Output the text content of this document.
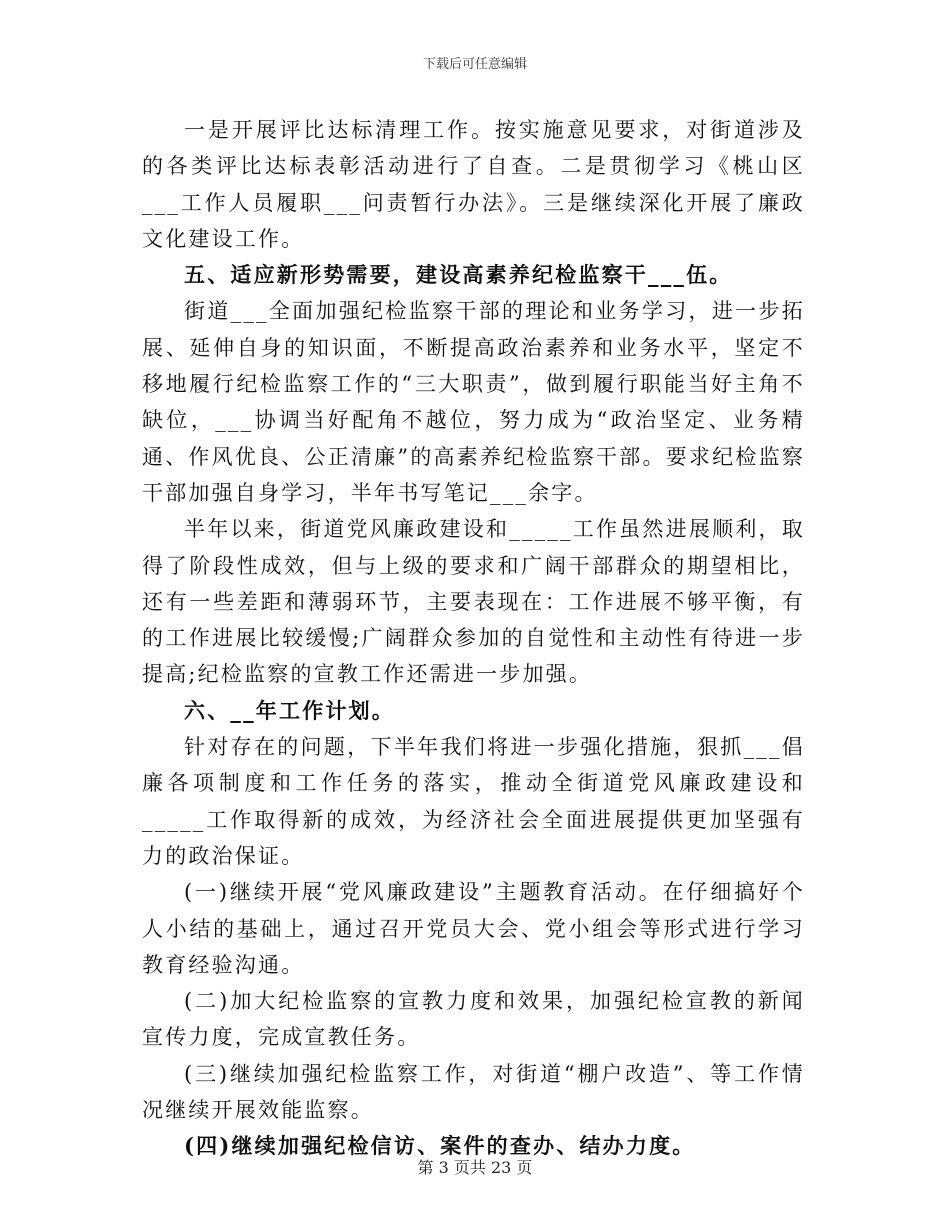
下载后可任意编辑

一是开展评比达标清理工作。按实施意见要求，对街道涉及的各类评比达标表彰活动进行了自查。二是贯彻学习《桃山区___工作人员履职___问责暂行办法》。三是继续深化开展了廉政文化建设工作。

五、适应新形势需要，建设高素养纪检监察干___伍。

街道___全面加强纪检监察干部的理论和业务学习，进一步拓展、延伸自身的知识面，不断提高政治素养和业务水平，坚定不移地履行纪检监察工作的“三大职责”，做到履行职能当好主角不缺位，___协调当好配角不越位，努力成为“政治坚定、业务精通、作风优良、公正清廉”的高素养纪检监察干部。要求纪检监察干部加强自身学习，半年书写笔记___余字。

半年以来，街道党风廉政建设和_____工作虽然进展顺利，取得了阶段性成效，但与上级的要求和广阔干部群众的期望相比，还有一些差距和薄弱环节，主要表现在：工作进展不够平衡，有的工作进展比较缓慢;广阔群众参加的自觉性和主动性有待进一步提高;纪检监察的宣教工作还需进一步加强。

六、__年工作计划。

针对存在的问题，下半年我们将进一步强化措施，狠抓___倡廉各项制度和工作任务的落实，推动全街道党风廉政建设和_____工作取得新的成效，为经济社会全面进展提供更加坚强有力的政治保证。

(一)继续开展“党风廉政建设”主题教育活动。在仔细搞好个人小结的基础上，通过召开党员大会、党小组会等形式进行学习教育经验沟通。

(二)加大纪检监察的宣教力度和效果，加强纪检宣教的新闻宣传力度，完成宣教任务。

(三)继续加强纪检监察工作，对街道“棚户改造”、等工作情况继续开展效能监察。

(四)继续加强纪检信访、案件的查办、结办力度。

第 3 页共 23 页
